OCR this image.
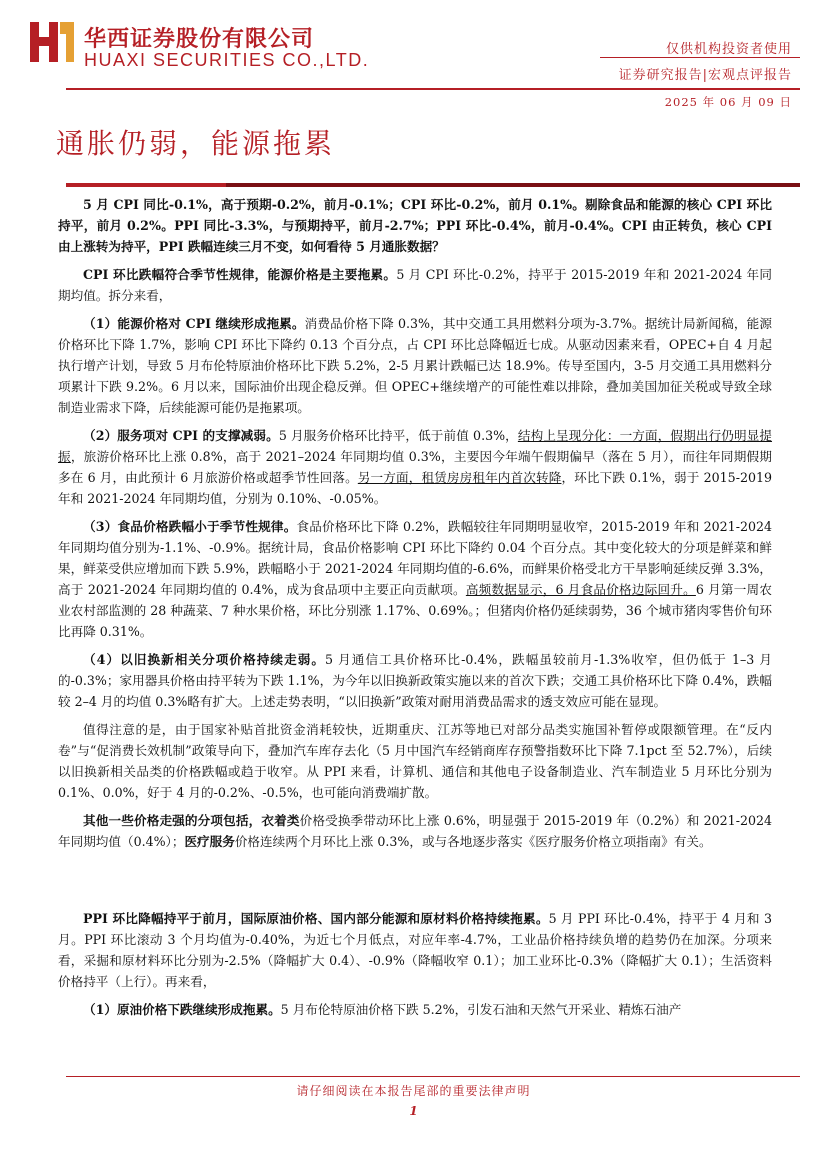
华西证券股份有限公司
HUAXI SECURITIES CO.,LTD.
仅供机构投资者使用
证券研究报告|宏观点评报告
2025 年 06 月 09 日
通胀仍弱，能源拖累

5 月 CPI 同比-0.1%，高于预期-0.2%，前月-0.1%；CPI 环比-0.2%，前月 0.1%。剔除食品和能源的核心 CPI 环比持平，前月 0.2%。PPI 同比-3.3%，与预期持平，前月-2.7%；PPI 环比-0.4%，前月-0.4%。CPI 由正转负，核心 CPI 由上涨转为持平，PPI 跌幅连续三月不变，如何看待 5 月通胀数据？

CPI 环比跌幅符合季节性规律，能源价格是主要拖累。5 月 CPI 环比-0.2%，持平于 2015-2019 年和 2021-2024 年同期均值。拆分来看，

（1）能源价格对 CPI 继续形成拖累。消费品价格下降 0.3%，其中交通工具用燃料分项为-3.7%。据统计局新闻稿，能源价格环比下降 1.7%，影响 CPI 环比下降约 0.13 个百分点，占 CPI 环比总降幅近七成。从驱动因素来看，OPEC+自 4 月起执行增产计划，导致 5 月布伦特原油价格环比下跌 5.2%，2-5 月累计跌幅已达 18.9%。传导至国内，3-5 月交通工具用燃料分项累计下跌 9.2%。6 月以来，国际油价出现企稳反弹。但 OPEC+继续增产的可能性难以排除，叠加美国加征关税或导致全球制造业需求下降，后续能源可能仍是拖累项。

（2）服务项对 CPI 的支撑减弱。5 月服务价格环比持平，低于前值 0.3%，结构上呈现分化：一方面，假期出行仍明显提振，旅游价格环比上涨 0.8%，高于 2021–2024 年同期均值 0.3%，主要因今年端午假期偏早（落在 5 月），而往年同期假期多在 6 月，由此预计 6 月旅游价格或超季节性回落。另一方面，租赁房房租年内首次转降，环比下跌 0.1%，弱于 2015-2019 年和 2021-2024 年同期均值，分别为 0.10%、-0.05%。

（3）食品价格跌幅小于季节性规律。食品价格环比下降 0.2%，跌幅较往年同期明显收窄，2015-2019 年和 2021-2024 年同期均值分别为-1.1%、-0.9%。据统计局，食品价格影响 CPI 环比下降约 0.04 个百分点。其中变化较大的分项是鲜菜和鲜果，鲜菜受供应增加而下跌 5.9%，跌幅略小于 2021-2024 年同期均值的-6.6%，而鲜果价格受北方干旱影响延续反弹 3.3%，高于 2021-2024 年同期均值的 0.4%，成为食品项中主要正向贡献项。高频数据显示，6 月食品价格边际回升。6 月第一周农业农村部监测的 28 种蔬菜、7 种水果价格，环比分别涨 1.17%、0.69%。；但猪肉价格仍延续弱势，36 个城市猪肉零售价旬环比再降 0.31%。

（4）以旧换新相关分项价格持续走弱。5 月通信工具价格环比-0.4%，跌幅虽较前月-1.3%收窄，但仍低于 1–3 月的-0.3%；家用器具价格由持平转为下跌 1.1%，为今年以旧换新政策实施以来的首次下跌；交通工具价格环比下降 0.4%，跌幅较 2–4 月的均值 0.3%略有扩大。上述走势表明，“以旧换新”政策对耐用消费品需求的透支效应可能在显现。

值得注意的是，由于国家补贴首批资金消耗较快，近期重庆、江苏等地已对部分品类实施国补暂停或限额管理。在“反内卷”与“促消费长效机制”政策导向下，叠加汽车库存去化（5 月中国汽车经销商库存预警指数环比下降 7.1pct 至 52.7%），后续以旧换新相关品类的价格跌幅或趋于收窄。从 PPI 来看，计算机、通信和其他电子设备制造业、汽车制造业 5 月环比分别为 0.1%、0.0%，好于 4 月的-0.2%、-0.5%，也可能向消费端扩散。

其他一些价格走强的分项包括，衣着类价格受换季带动环比上涨 0.6%，明显强于 2015-2019 年（0.2%）和 2021-2024 年同期均值（0.4%）；医疗服务价格连续两个月环比上涨 0.3%，或与各地逐步落实《医疗服务价格立项指南》有关。

PPI 环比降幅持平于前月，国际原油价格、国内部分能源和原材料价格持续拖累。5 月 PPI 环比-0.4%，持平于 4 月和 3 月。PPI 环比滚动 3 个月均值为-0.40%，为近七个月低点，对应年率-4.7%，工业品价格持续负增的趋势仍在加深。分项来看，采掘和原材料环比分别为-2.5%（降幅扩大 0.4）、-0.9%（降幅收窄 0.1）；加工业环比-0.3%（降幅扩大 0.1）；生活资料价格持平（上行）。再来看，

（1）原油价格下跌继续形成拖累。5 月布伦特原油价格下跌 5.2%，引发石油和天然气开采业、精炼石油产

请仔细阅读在本报告尾部的重要法律声明
1
